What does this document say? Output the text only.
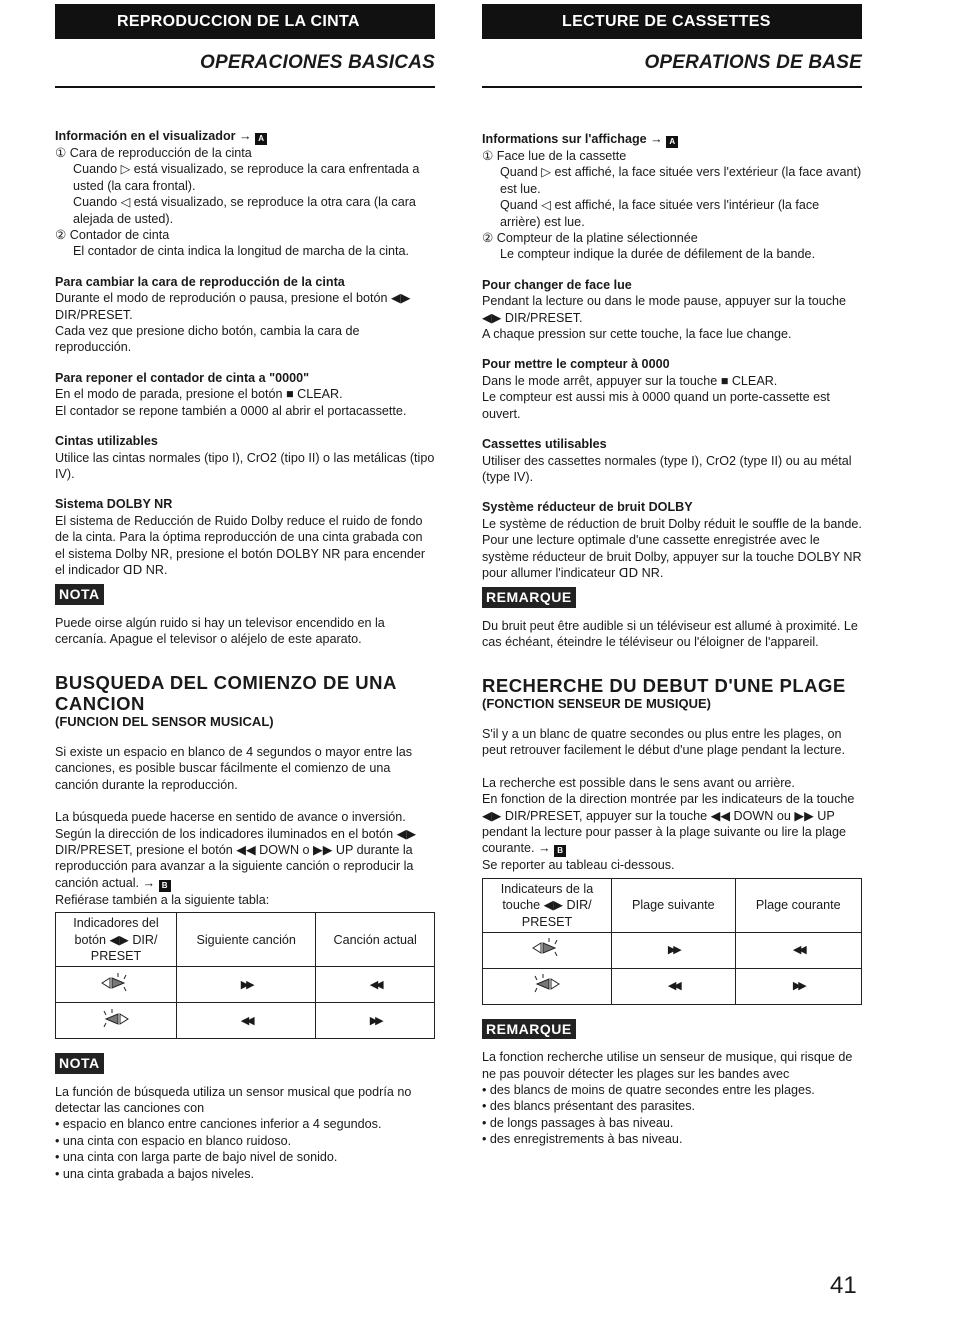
REPRODUCCION DE LA CINTA
OPERACIONES BASICAS
Información en el visualizador → A

① Cara de reproducción de la cinta

Cuando ▷ está visualizado, se reproduce la cara enfrentada a usted (la cara frontal).

Cuando ◁ está visualizado, se reproduce la otra cara (la cara alejada de usted).

② Contador de cinta

El contador de cinta indica la longitud de marcha de la cinta.

Para cambiar la cara de reproducción de la cinta

Durante el modo de reprodución o pausa, presione el botón ◀▶ DIR/PRESET.

Cada vez que presione dicho botón, cambia la cara de reproducción.

Para reponer el contador de cinta a "0000"

En el modo de parada, presione el botón ■ CLEAR.

El contador se repone también a 0000 al abrir el portacassette.

Cintas utilizables

Utilice las cintas normales (tipo I), CrO2 (tipo II) o las metálicas (tipo IV).

Sistema DOLBY NR

El sistema de Reducción de Ruido Dolby reduce el ruido de fondo de la cinta. Para la óptima reproducción de una cinta grabada con el sistema Dolby NR, presione el botón DOLBY NR para encender el indicador ᗡᗞ NR.

NOTA

Puede oirse algún ruido si hay un televisor encendido en la cercanía. Apague el televisor o aléjelo de este aparato.

BUSQUEDA DEL COMIENZO DE UNA CANCION
(FUNCION DEL SENSOR MUSICAL)

Si existe un espacio en blanco de 4 segundos o mayor entre las canciones, es posible buscar fácilmente el comienzo de una canción durante la reproducción.

La búsqueda puede hacerse en sentido de avance o inversión. Según la dirección de los indicadores iluminados en el botón ◀▶ DIR/PRESET, presione el botón ◀◀ DOWN o ▶▶ UP durante la reproducción para avanzar a la siguiente canción o reproducir la canción actual. → B

Refiérase también a la siguiente tabla:

Indicadores del botón ◀▶ DIR/ PRESET	Siguiente canción	Canción actual
	▶▶	◀◀
	◀◀	▶▶
NOTA

La función de búsqueda utiliza un sensor musical que podría no detectar las canciones con

• espacio en blanco entre canciones inferior a 4 segundos.

• una cinta con espacio en blanco ruidoso.

• una cinta con larga parte de bajo nivel de sonido.

• una cinta grabada a bajos niveles.

LECTURE DE CASSETTES
OPERATIONS DE BASE
Informations sur l'affichage → A

① Face lue de la cassette

Quand ▷ est affiché, la face située vers l'extérieur (la face avant) est lue.

Quand ◁ est affiché, la face située vers l'intérieur (la face arrière) est lue.

② Compteur de la platine sélectionnée

Le compteur indique la durée de défilement de la bande.

Pour changer de face lue

Pendant la lecture ou dans le mode pause, appuyer sur la touche ◀▶ DIR/PRESET.

A chaque pression sur cette touche, la face lue change.

Pour mettre le compteur à 0000

Dans le mode arrêt, appuyer sur la touche ■ CLEAR.

Le compteur est aussi mis à 0000 quand un porte-cassette est ouvert.

Cassettes utilisables

Utiliser des cassettes normales (type I), CrO2 (type II) ou au métal (type IV).

Système réducteur de bruit DOLBY

Le système de réduction de bruit Dolby réduit le souffle de la bande. Pour une lecture optimale d'une cassette enregistrée avec le système réducteur de bruit Dolby, appuyer sur la touche DOLBY NR pour allumer l'indicateur ᗡᗞ NR.

REMARQUE

Du bruit peut être audible si un téléviseur est allumé à proximité. Le cas échéant, éteindre le téléviseur ou l'éloigner de l'appareil.

RECHERCHE DU DEBUT D'UNE PLAGE
(FONCTION SENSEUR DE MUSIQUE)

S'il y a un blanc de quatre secondes ou plus entre les plages, on peut retrouver facilement le début d'une plage pendant la lecture.

La recherche est possible dans le sens avant ou arrière.

En fonction de la direction montrée par les indicateurs de la touche ◀▶ DIR/PRESET, appuyer sur la touche ◀◀ DOWN ou ▶▶ UP pendant la lecture pour passer à la plage suivante ou lire la plage courante. → B

Se reporter au tableau ci-dessous.

Indicateurs de la touche ◀▶ DIR/ PRESET	Plage suivante	Plage courante
	▶▶	◀◀
	◀◀	▶▶
REMARQUE

La fonction recherche utilise un senseur de musique, qui risque de ne pas pouvoir détecter les plages sur les bandes avec

• des blancs de moins de quatre secondes entre les plages.

• des blancs présentant des parasites.

• de longs passages à bas niveau.

• des enregistrements à bas niveau.

41
